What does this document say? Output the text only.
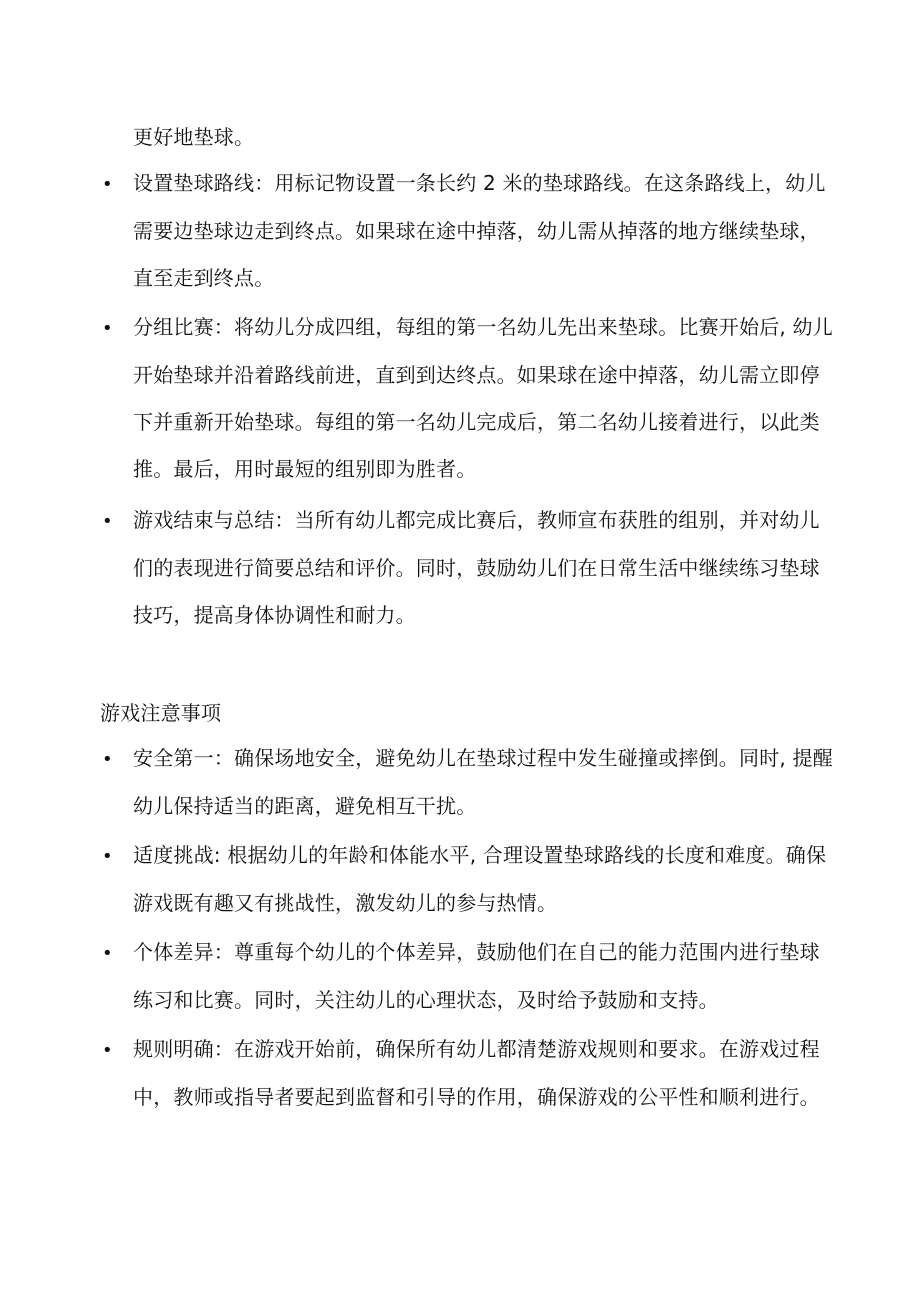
更好地垫球。
• 设置垫球路线：用标记物设置一条长约 2 米的垫球路线。在这条路线上，幼儿
需要边垫球边走到终点。如果球在途中掉落，幼儿需从掉落的地方继续垫球，
直至走到终点。
• 分组比赛：将幼儿分成四组，每组的第一名幼儿先出来垫球。比赛开始后, 幼儿
开始垫球并沿着路线前进，直到到达终点。如果球在途中掉落，幼儿需立即停
下并重新开始垫球。每组的第一名幼儿完成后，第二名幼儿接着进行，以此类
推。最后，用时最短的组别即为胜者。
• 游戏结束与总结：当所有幼儿都完成比赛后，教师宣布获胜的组别，并对幼儿
们的表现进行简要总结和评价。同时，鼓励幼儿们在日常生活中继续练习垫球
技巧，提高身体协调性和耐力。
游戏注意事项
• 安全第一：确保场地安全，避免幼儿在垫球过程中发生碰撞或摔倒。同时, 提醒
幼儿保持适当的距离，避免相互干扰。
• 适度挑战: 根据幼儿的年龄和体能水平, 合理设置垫球路线的长度和难度。确保
游戏既有趣又有挑战性，激发幼儿的参与热情。
• 个体差异：尊重每个幼儿的个体差异，鼓励他们在自己的能力范围内进行垫球
练习和比赛。同时，关注幼儿的心理状态，及时给予鼓励和支持。
• 规则明确：在游戏开始前，确保所有幼儿都清楚游戏规则和要求。在游戏过程
中，教师或指导者要起到监督和引导的作用，确保游戏的公平性和顺利进行。
